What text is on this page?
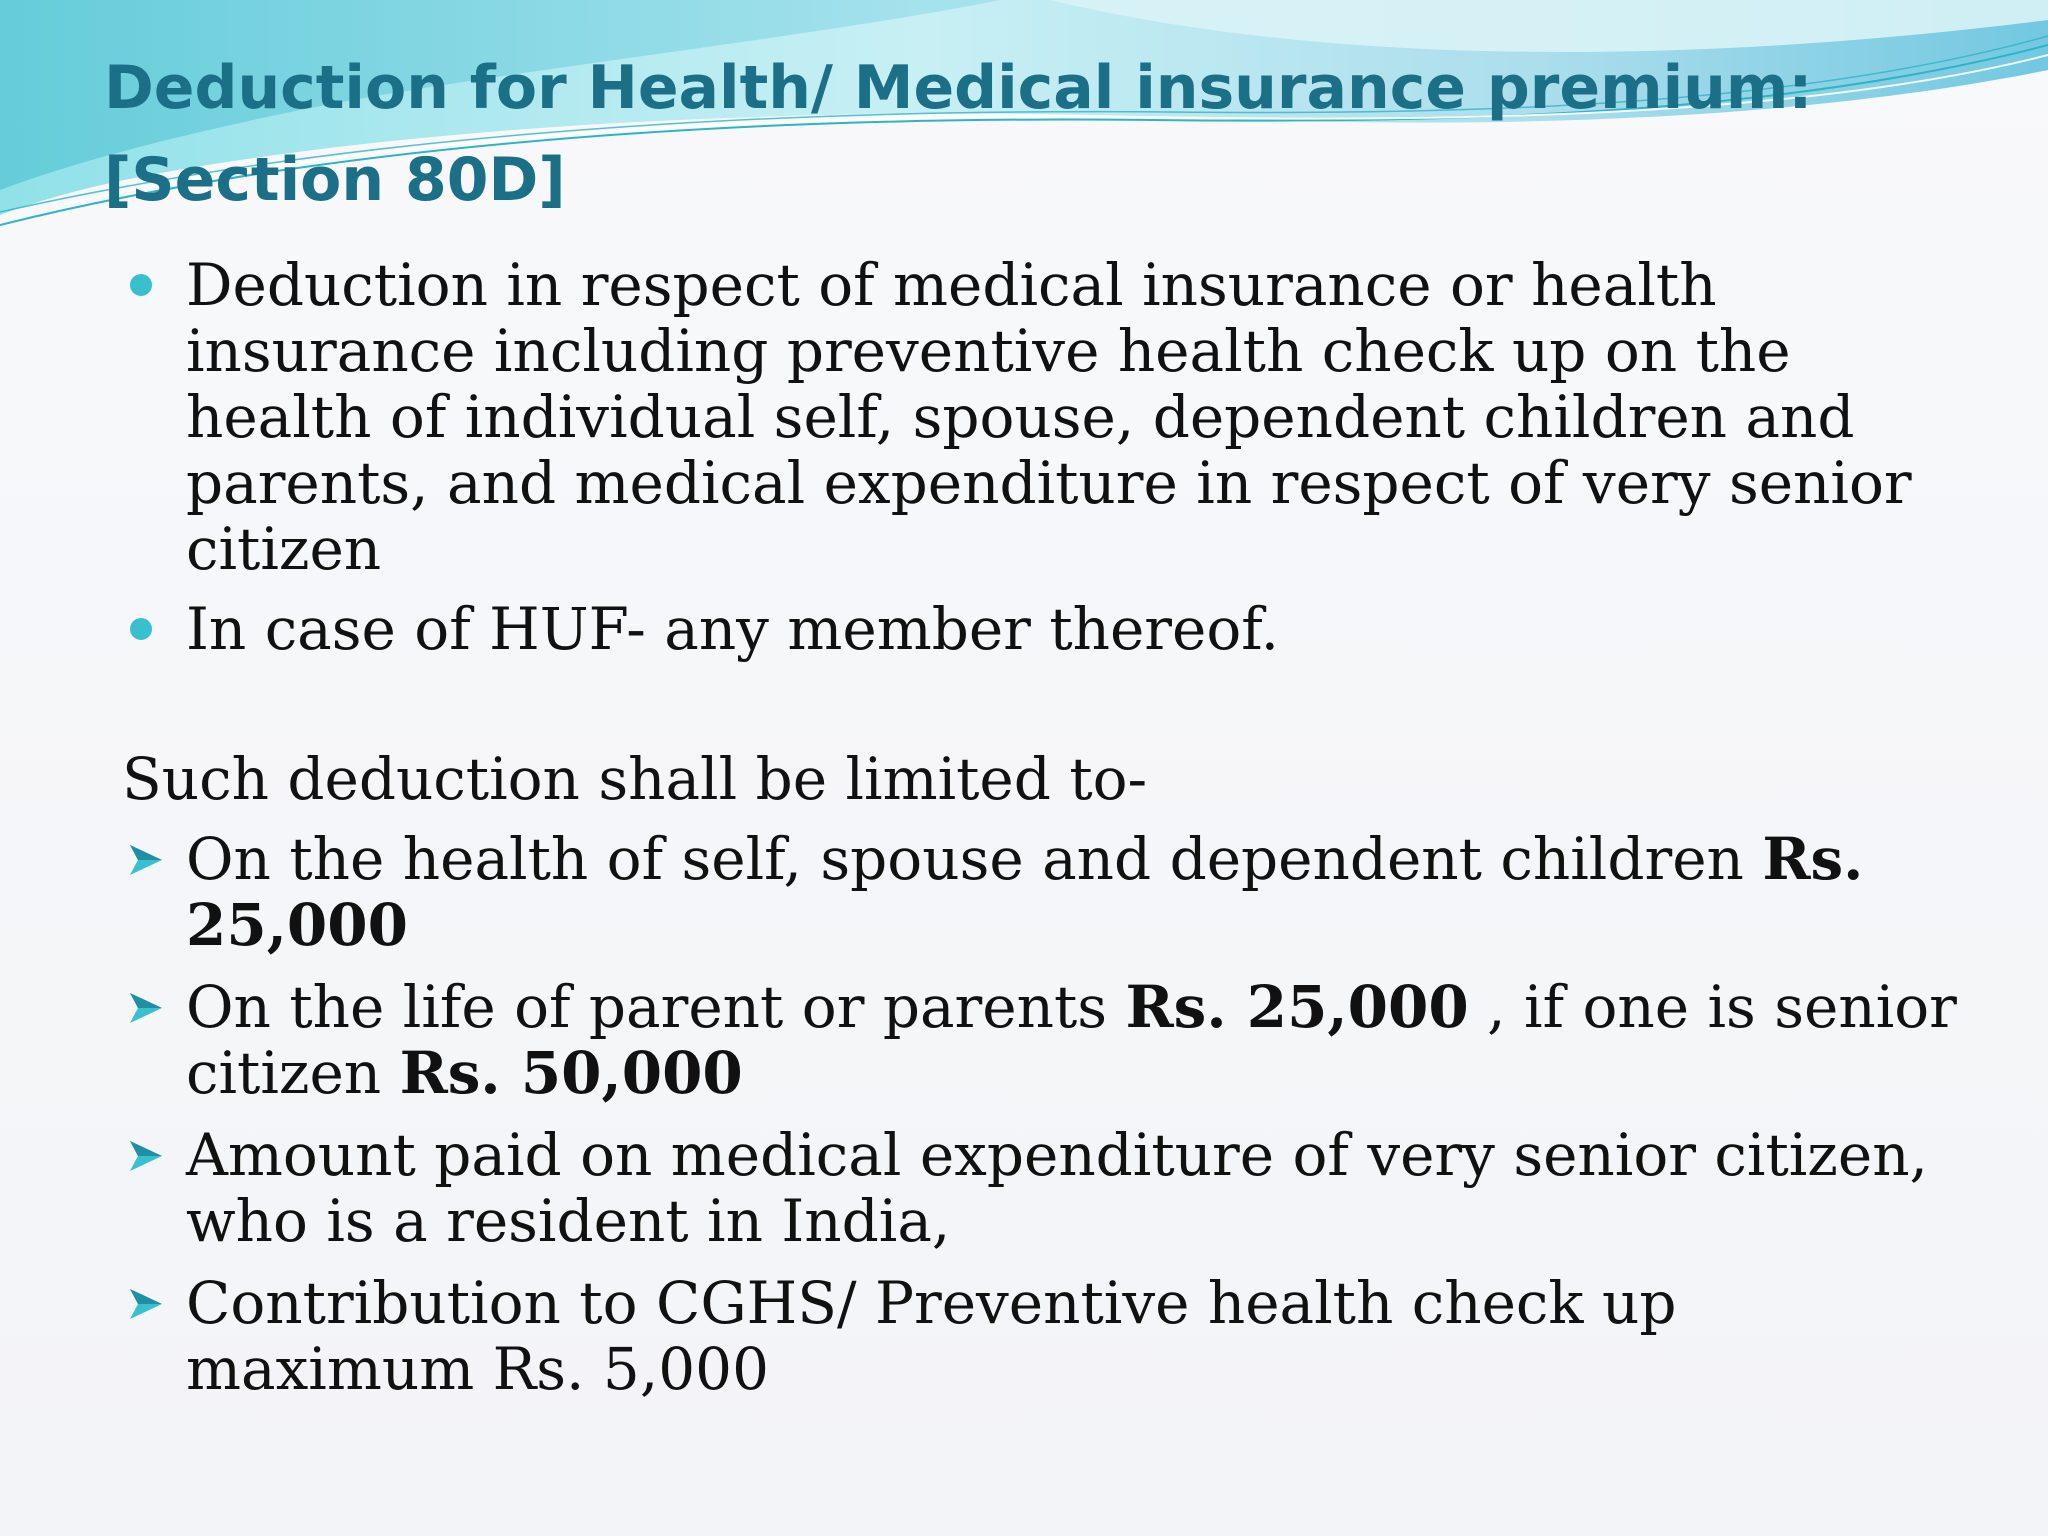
Deduction for Health/ Medical insurance premium:
[Section 80D]
Deduction in respect of medical insurance or health insurance including preventive health check up on the health of individual self, spouse, dependent children and parents, and medical expenditure in respect of very senior citizen
In case of HUF- any member thereof.
Such deduction shall be limited to-
On the health of self, spouse and dependent children Rs. 25,000
On the life of parent or parents Rs. 25,000 , if one is senior citizen Rs. 50,000
Amount paid on medical expenditure of very senior citizen, who is a resident in India,
Contribution to CGHS/ Preventive health check up maximum Rs. 5,000
